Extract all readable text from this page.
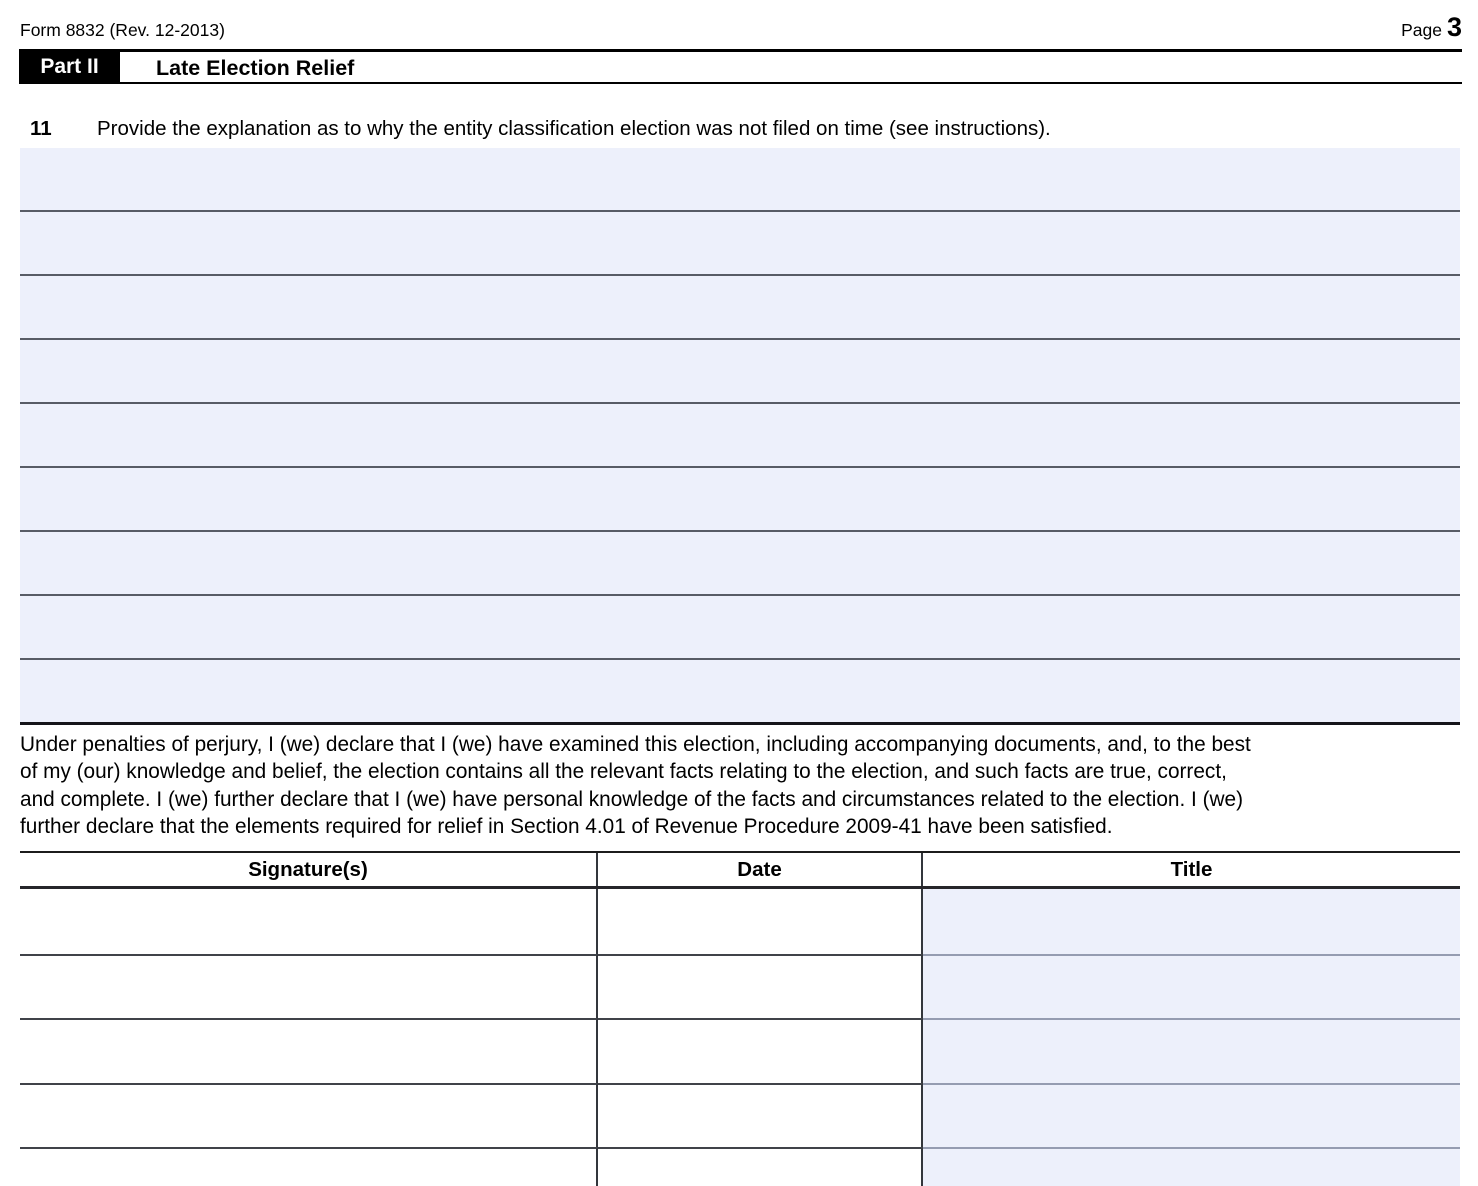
Form 8832 (Rev. 12-2013)	Page 3
Part II	Late Election Relief
11 Provide the explanation as to why the entity classification election was not filed on time (see instructions).
Under penalties of perjury, I (we) declare that I (we) have examined this election, including accompanying documents, and, to the best
of my (our) knowledge and belief, the election contains all the relevant facts relating to the election, and such facts are true, correct,
and complete. I (we) further declare that I (we) have personal knowledge of the facts and circumstances related to the election. I (we)
further declare that the elements required for relief in Section 4.01 of Revenue Procedure 2009-41 have been satisfied.
Signature(s)	Date	Title
